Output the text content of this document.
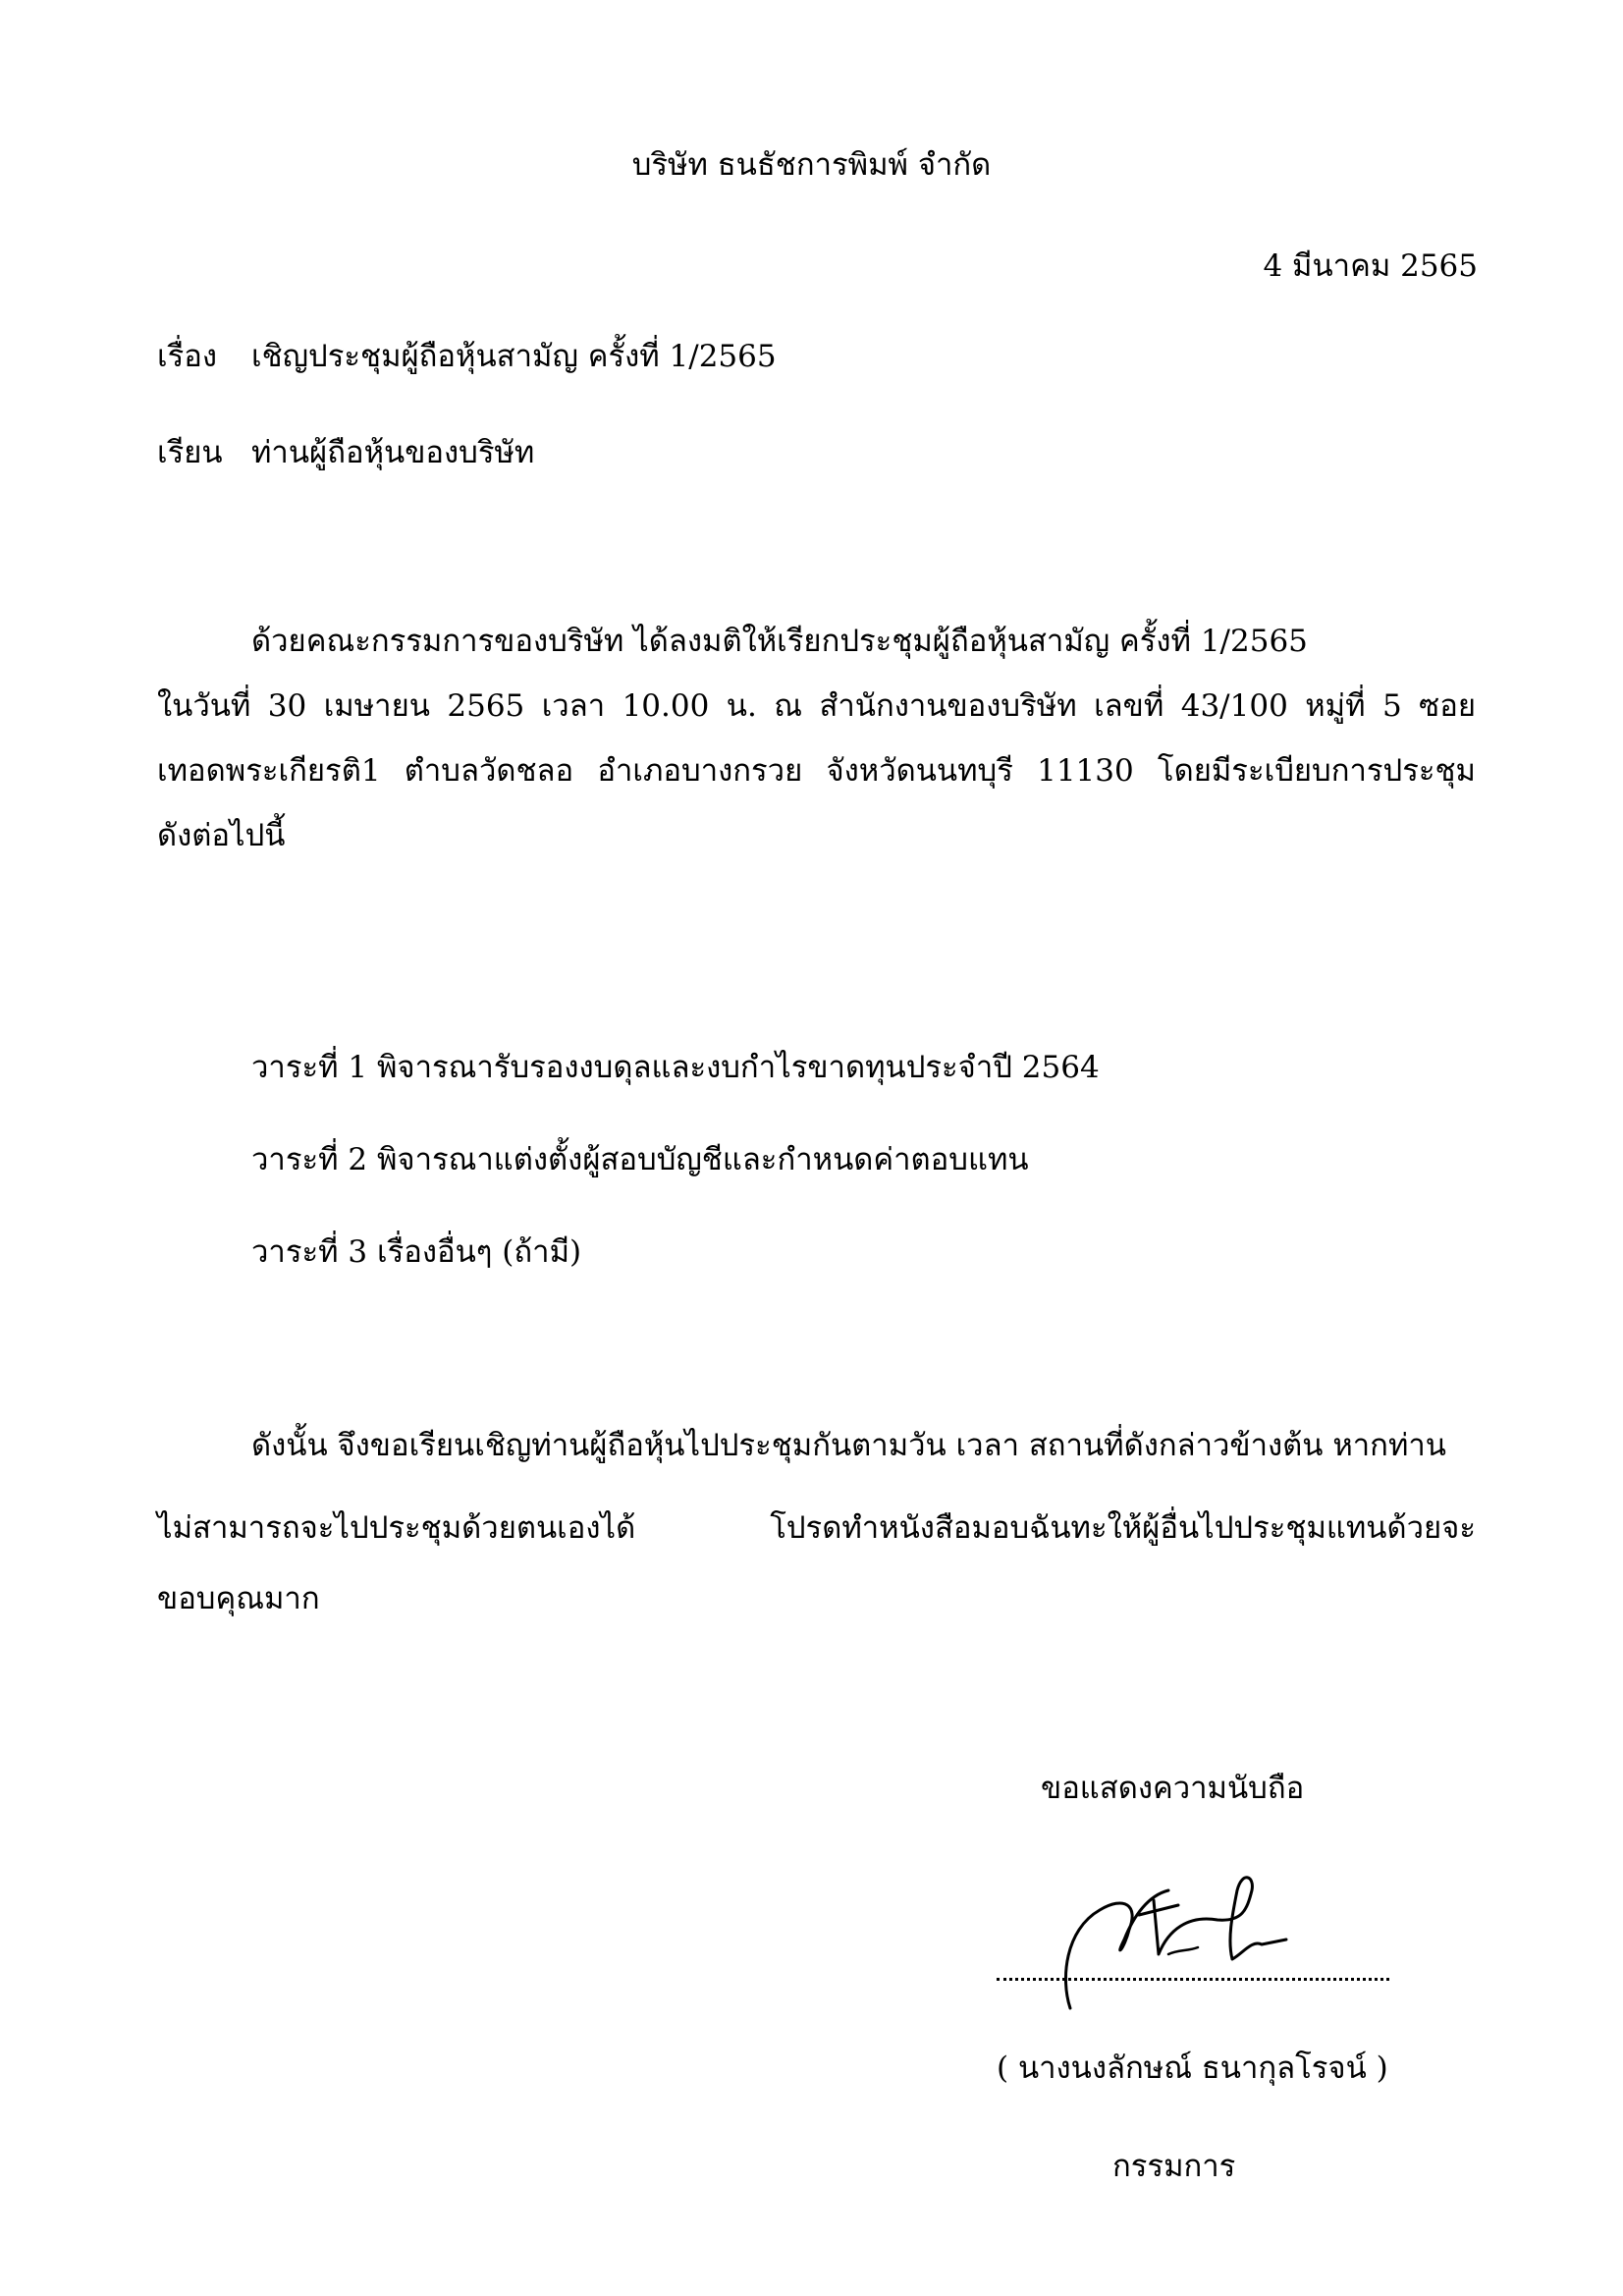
บริษัท ธนธัชการพิมพ์ จำกัด
4 มีนาคม 2565
เรื่อง เชิญประชุมผู้ถือหุ้นสามัญ ครั้งที่ 1/2565
เรียน ท่านผู้ถือหุ้นของบริษัท
ด้วยคณะกรรมการของบริษัท ได้ลงมติให้เรียกประชุมผู้ถือหุ้นสามัญ ครั้งที่ 1/2565
ในวันที่ 30 เมษายน 2565 เวลา 10.00 น. ณ สำนักงานของบริษัท เลขที่ 43/100 หมู่ที่ 5 ซอย
เทอดพระเกียรติ1 ตำบลวัดชลอ อำเภอบางกรวย จังหวัดนนทบุรี 11130 โดยมีระเบียบการประชุม
ดังต่อไปนี้
วาระที่ 1 พิจารณารับรองงบดุลและงบกำไรขาดทุนประจำปี 2564
วาระที่ 2 พิจารณาแต่งตั้งผู้สอบบัญชีและกำหนดค่าตอบแทน
วาระที่ 3 เรื่องอื่นๆ (ถ้ามี)
ดังนั้น จึงขอเรียนเชิญท่านผู้ถือหุ้นไปประชุมกันตามวัน เวลา สถานที่ดังกล่าวข้างต้น หากท่าน
ไม่สามารถจะไปประชุมด้วยตนเองได้ โปรดทำหนังสือมอบฉันทะให้ผู้อื่นไปประชุมแทนด้วยจะ
ขอบคุณมาก
ขอแสดงความนับถือ
( นางนงลักษณ์ ธนากุลโรจน์ )
กรรมการ
